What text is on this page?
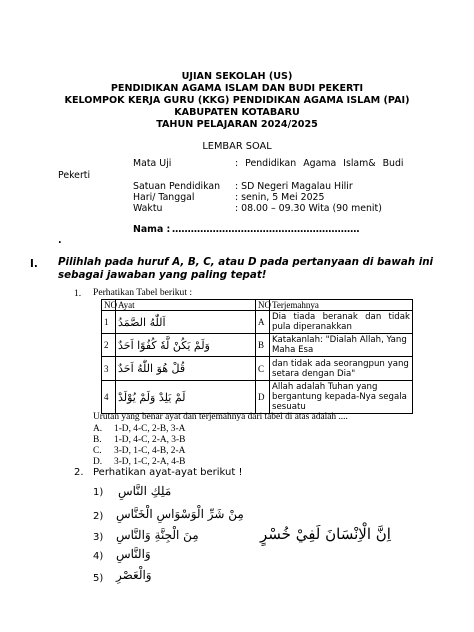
UJIAN SEKOLAH (US)
PENDIDIKAN AGAMA ISLAM DAN BUDI PEKERTI
KELOMPOK KERJA GURU (KKG) PENDIDIKAN AGAMA ISLAM (PAI)
KABUPATEN KOTABARU
TAHUN PELAJARAN 2024/2025
LEMBAR SOAL
Mata Uji	: Pendidikan Agama Islam& Budi
Pekerti
Satuan Pendidikan : SD Negeri Magalau Hilir
Hari/ Tanggal	: senin, 5 Mei 2025
Waktu	: 08.00 – 09.30 Wita (90 menit)
Nama : ……………………………………………………
.
I. Pilihlah pada huruf A, B, C, atau D pada pertanyaan di bawah ini sebagai jawaban yang paling tepat!
1. Perhatikan Tabel berikut :
NO	Ayat	NO	Terjemahnya
1	اَللّٰهُ الصَّمَدُ	A	Dia tiada beranak dan tidak pula diperanakkan
2	وَلَمْ يَكُنْ لَّهٗ كُفُوًا اَحَدٌ	B	Katakanlah: "Dialah Allah, Yang Maha Esa
3	قُلْ هُوَ اللّٰهُ اَحَدٌ	C	dan tidak ada seorangpun yang setara dengan Dia"
4	لَمْ يَلِدْ وَلَمْ يُوْلَدْ	D	Allah adalah Tuhan yang bergantung kepada-Nya segala sesuatu
Urutan yang benar ayat dan terjemahnya dari tabel di atas adalah ....
A. 1-D, 4-C, 2-B, 3-A
B. 1-D, 4-C, 2-A, 3-B
C. 3-D, 1-C, 4-B, 2-A
D. 3-D, 1-C, 2-A, 4-B
2. Perhatikan ayat-ayat berikut !
1) مَلِكِ النَّاسِ
2) مِنْ شَرِّ الْوَسْوَاسِ الْخَنَّاسِ
اِنَّ الْاِنْسَانَ لَفِيْ خُسْرٍ
3) مِنَ الْجِنَّةِ وَالنَّاسِ
4) وَالنَّاسِ
5) وَالْعَصْرِ
